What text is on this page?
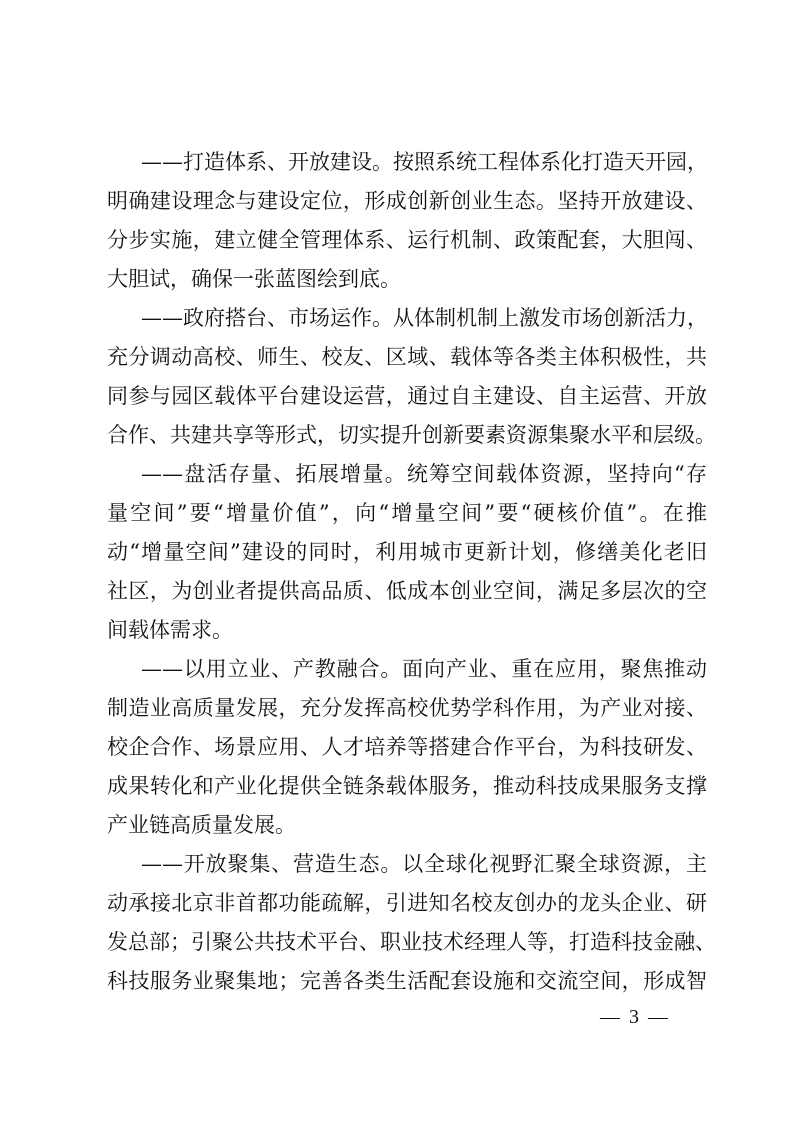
——打造体系、开放建设。按照系统工程体系化打造天开园，
明确建设理念与建设定位，形成创新创业生态。坚持开放建设、
分步实施，建立健全管理体系、运行机制、政策配套，大胆闯、
大胆试，确保一张蓝图绘到底。
——政府搭台、市场运作。从体制机制上激发市场创新活力，
充分调动高校、师生、校友、区域、载体等各类主体积极性，共
同参与园区载体平台建设运营，通过自主建设、自主运营、开放
合作、共建共享等形式，切实提升创新要素资源集聚水平和层级。
——盘活存量、拓展增量。统筹空间载体资源，坚持向“存
量空间”要“增量价值”，向“增量空间”要“硬核价值”。在推
动“增量空间”建设的同时，利用城市更新计划，修缮美化老旧
社区，为创业者提供高品质、低成本创业空间，满足多层次的空
间载体需求。
——以用立业、产教融合。面向产业、重在应用，聚焦推动
制造业高质量发展，充分发挥高校优势学科作用，为产业对接、
校企合作、场景应用、人才培养等搭建合作平台，为科技研发、
成果转化和产业化提供全链条载体服务，推动科技成果服务支撑
产业链高质量发展。
——开放聚集、营造生态。以全球化视野汇聚全球资源，主
动承接北京非首都功能疏解，引进知名校友创办的龙头企业、研
发总部；引聚公共技术平台、职业技术经理人等，打造科技金融、
科技服务业聚集地；完善各类生活配套设施和交流空间，形成智
— 3 —
